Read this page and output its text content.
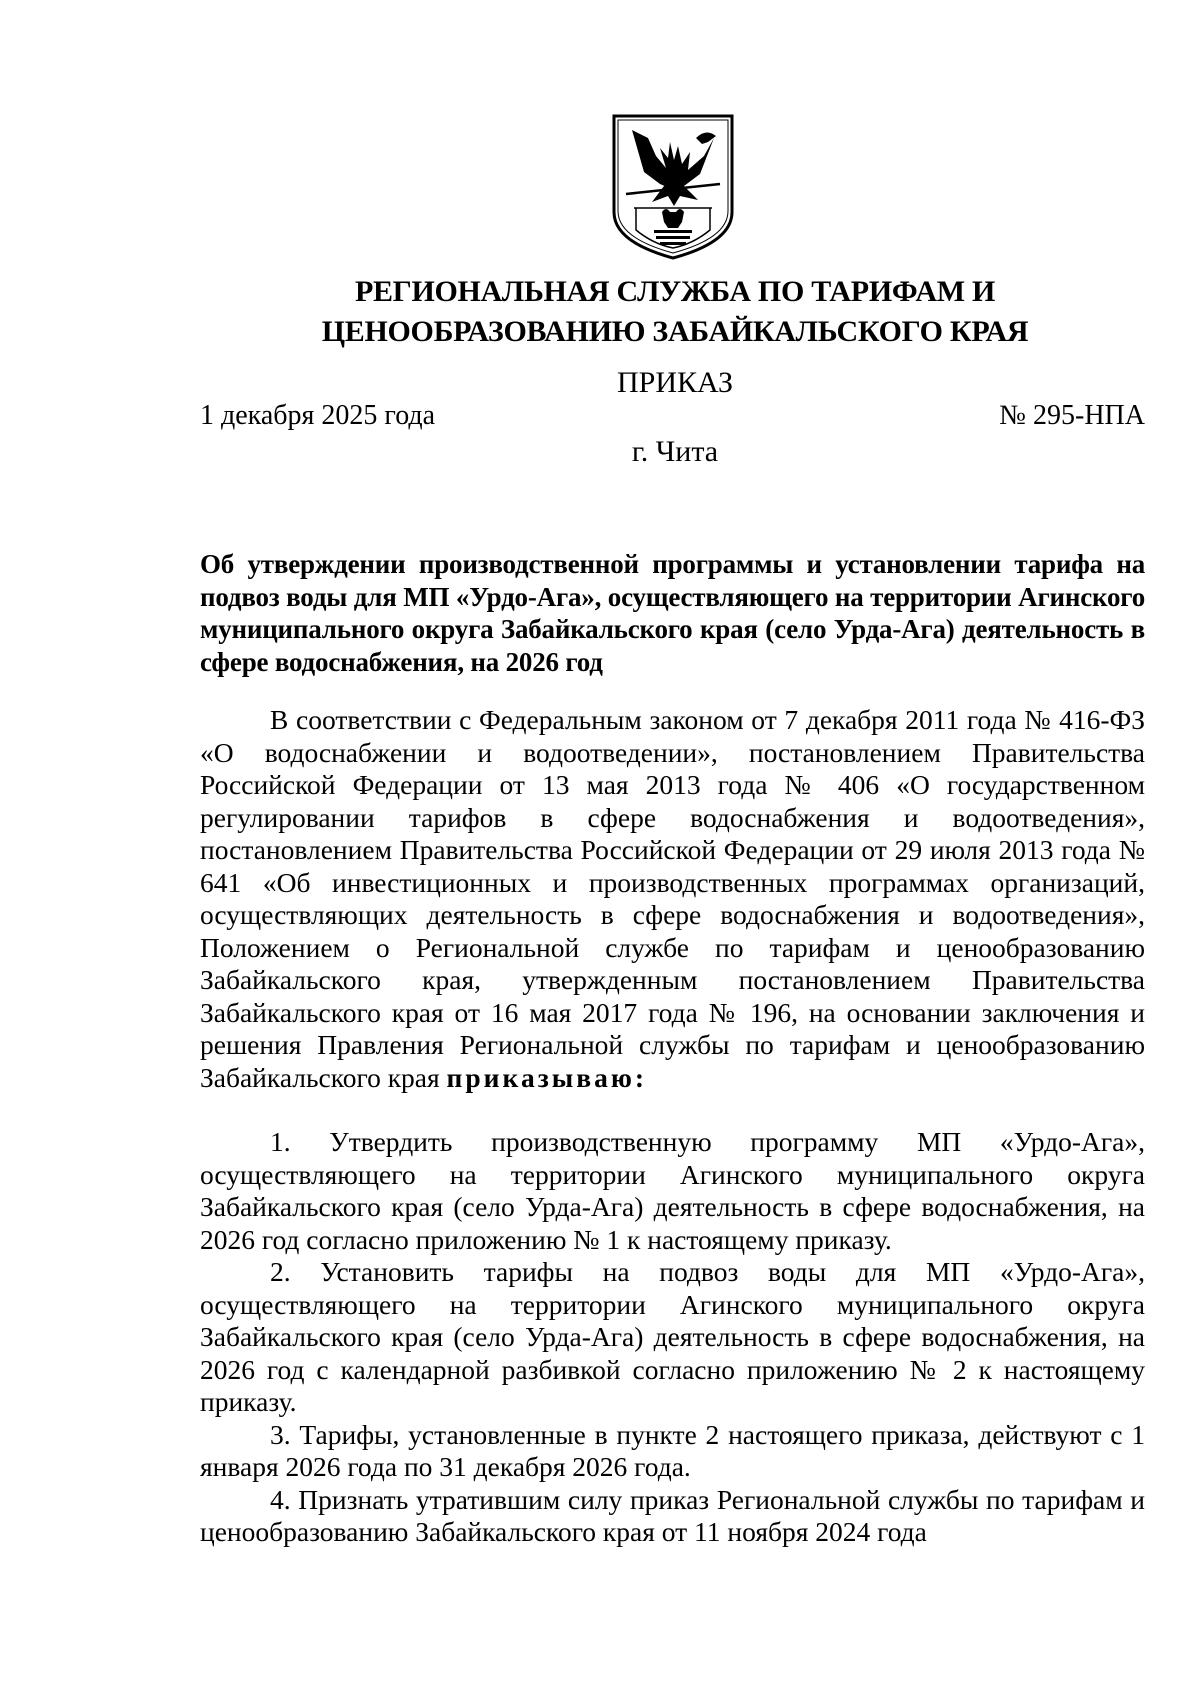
РЕГИОНАЛЬНАЯ СЛУЖБА ПО ТАРИФАМ И
ЦЕНООБРАЗОВАНИЮ ЗАБАЙКАЛЬСКОГО КРАЯ
ПРИКАЗ
1 декабря 2025 года	№ 295-НПА
г. Чита
Об утверждении производственной программы и установлении тарифа на подвоз воды для МП «Урдо-Ага», осуществляющего на территории Агинского муниципального округа Забайкальского края (село Урда-Ага) деятельность в сфере водоснабжения, на 2026 год

В соответствии с Федеральным законом от 7 декабря 2011 года № 416-ФЗ «О водоснабжении и водоотведении», постановлением Правительства Российской Федерации от 13 мая 2013 года № 406 «О государственном регулировании тарифов в сфере водоснабжения и водоотведения», постановлением Правительства Российской Федерации от 29 июля 2013 года № 641 «Об инвестиционных и производственных программах организаций, осуществляющих деятельность в сфере водоснабжения и водоотведения», Положением о Региональной службе по тарифам и ценообразованию Забайкальского края, утвержденным постановлением Правительства Забайкальского края от 16 мая 2017 года № 196, на основании заключения и решения Правления Региональной службы по тарифам и ценообразованию Забайкальского края приказываю:

1. Утвердить производственную программу МП «Урдо-Ага», осуществляющего на территории Агинского муниципального округа Забайкальского края (село Урда-Ага) деятельность в сфере водоснабжения, на 2026 год согласно приложению № 1 к настоящему приказу.

2. Установить тарифы на подвоз воды для МП «Урдо-Ага», осуществляющего на территории Агинского муниципального округа Забайкальского края (село Урда-Ага) деятельность в сфере водоснабжения, на 2026 год с календарной разбивкой согласно приложению № 2 к настоящему приказу.

3. Тарифы, установленные в пункте 2 настоящего приказа, действуют с 1 января 2026 года по 31 декабря 2026 года.

4. Признать утратившим силу приказ Региональной службы по тарифам и ценообразованию Забайкальского края от 11 ноября 2024 года
